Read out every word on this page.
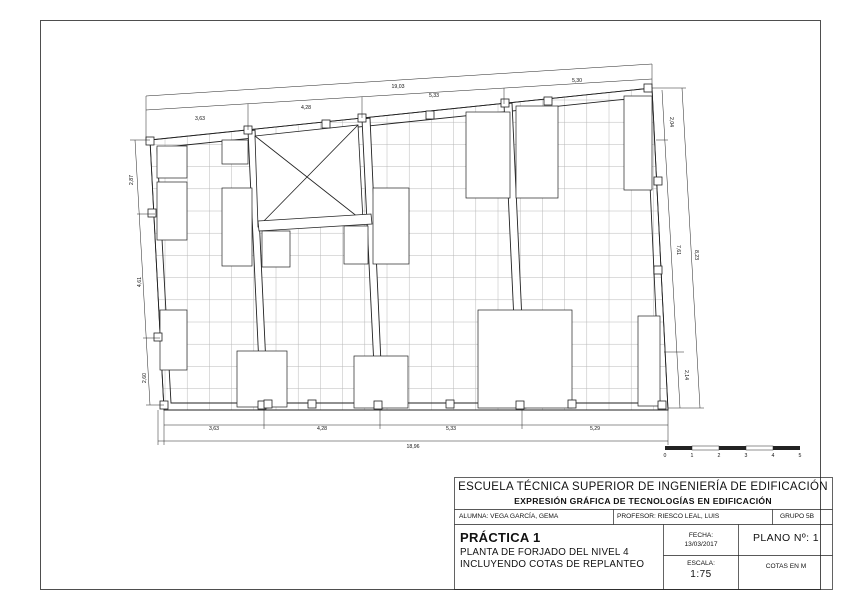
19,03
3,63
4,28
5,33
5,30
3,63	4,28	5,33	5,29
18,96
2,87
4,61
2,60
2,04
7,61
2,14
8,23
0	1	2	3	4	5
ESCUELA TÉCNICA SUPERIOR DE INGENIERÍA DE EDIFICACIÓN
EXPRESIÓN GRÁFICA DE TECNOLOGÍAS EN EDIFICACIÓN
ALUMNA: VEGA GARCÍA, GEMA	PROFESOR: RIESCO LEAL, LUIS	GRUPO 5B
PRÁCTICA 1
PLANTA DE FORJADO DEL NIVEL 4
INCLUYENDO COTAS DE REPLANTEO
FECHA:
13/03/2017
PLANO Nº: 1
ESCALA:
1:75
COTAS EN M
